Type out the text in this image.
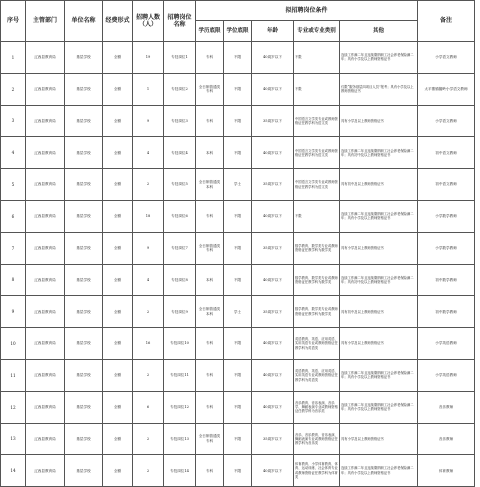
序号	主管部门	单位名称	经费形式	招聘人数（人）	招聘岗位名称	拟招聘岗位条件					备注
						学历底限	学位底限	年龄	专业或专业类别	其他	
1	辽西县教育局	基层学校	全额	19	专技岗位1	专科	不限	40周岁以下	不限	连续工作满二年且连续缴纳职工社会养老保险满二年；具有小学及以上教师资格证书	小学语文教师
2	辽西县教育局	基层学校	全额	1	专技岗位2	全日制普通类专科	不限	40周岁以下	不限	仅限“服务基层四项目人员”报考；具有小学及以上教师资格证书	太平寨镇腰岭小学语文教师
3	辽西县教育局	基层学校	全额	9	专技岗位3	专科	不限	35周岁以下	中国语言文学类专业或教师资格证任教学科为语文类	具有小学及以上教师资格证书	小学语文教师
4	辽西县教育局	基层学校	全额	4	专技岗位4	本科	不限	40周岁以下	中国语言文学类专业或教师资格证任教学科为语文类	连续工作满二年且连续缴纳职工社会养老保险满二年；具有初中及以上教师资格证书	初中语文教师
5	辽西县教育局	基层学校	全额	2	专技岗位5	全日制普通类本科	学士	35周岁以下	中国语言文学类专业或教师资格证任教学科为语文类	具有初中及以上教师资格证书	初中语文教师
6	辽西县教育局	基层学校	全额	18	专技岗位6	专科	不限	40周岁以下	不限	连续工作满二年且连续缴纳职工社会养老保险满二年；具有小学及以上教师资格证书	小学数学教师
7	辽西县教育局	基层学校	全额	9	专技岗位7	全日制普通类专科	不限	35周岁以下	数学教育、数学类专业或教师资格证任教学科为数学类	具有小学及以上教师资格证书	小学数学教师
8	辽西县教育局	基层学校	全额	4	专技岗位8	本科	不限	40周岁以下	数学教育、数学类专业或教师资格证任教学科为数学类	连续工作满二年且连续缴纳职工社会养老保险满二年；具有初中及以上教师资格证书	初中数学教师
9	辽西县教育局	基层学校	全额	2	专技岗位9	全日制普通类本科	学士	35周岁以下	数学教育、数学类专业或教师资格证任教学科为数学类	具有初中及以上教师资格证书	初中数学教师
10	辽西县教育局	基层学校	全额	16	专技岗位10	专科	不限	40周岁以下	英语教育、英语、应用英语、实用英语专业或教师资格证任教学科为英语类	具有小学及以上教师资格证书	小学英语教师
11	辽西县教育局	基层学校	全额	2	专技岗位11	专科	不限	40周岁以下	英语教育、英语、应用英语、实用英语专业或教师资格证任教学科为英语类	连续工作满二年且连续缴纳职工社会养老保险满二年；具有小学及以上教师资格证书	小学英语教师
12	辽西县教育局	基层学校	全额	6	专技岗位12	专科	不限	40周岁以下	音乐教育、音乐表演、音乐学、舞蹈表演专业或教师资格证任教学科为音乐类	连续工作满二年且连续缴纳职工社会养老保险满二年；具有小学及以上教师资格证书	音乐教师
13	辽西县教育局	基层学校	全额	2	专技岗位13	全日制普通类专科	不限	35周岁以下	音乐、音乐教育、音乐表演、舞蹈表演专业或教师资格证任教学科为音乐类	具有小学及以上教师资格证书	音乐教师
14	辽西县教育局	基层学校	全额	2	专技岗位14	专科	不限	40周岁以下	体育教育、小学体育教育、体育、运动训练、社会体育专业或教师资格证任教学科为体育类	连续工作满二年且连续缴纳职工社会养老保险满二年；具有小学及以上教师资格证书	体育教师
